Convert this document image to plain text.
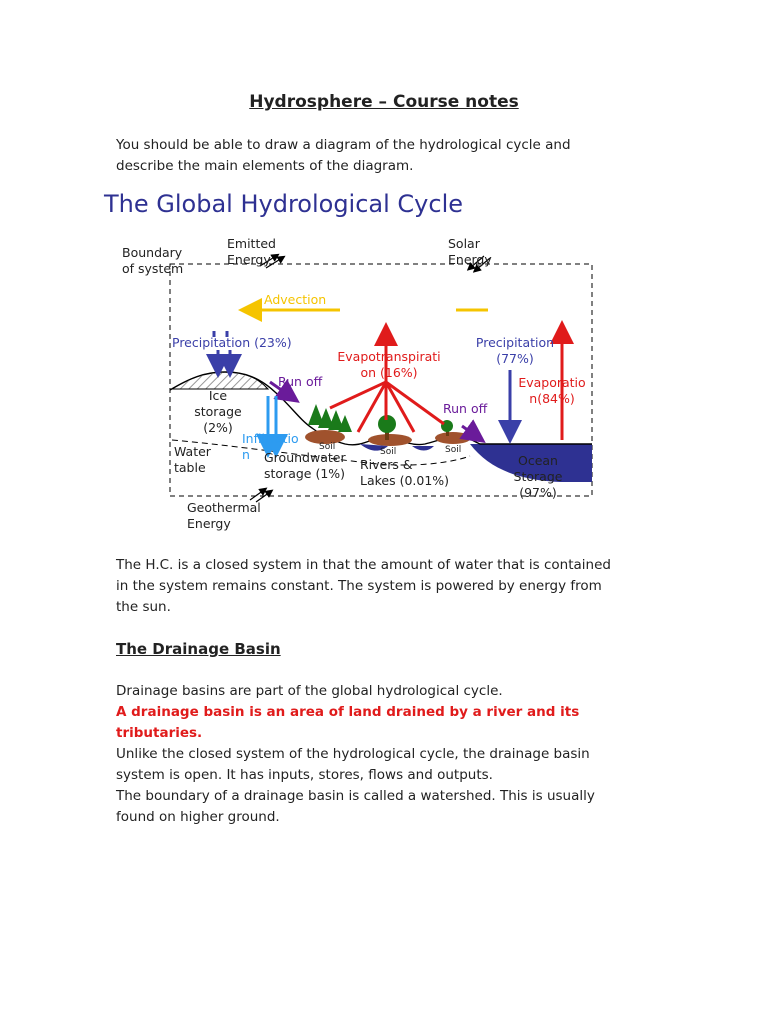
Hydrosphere – Course notes
You should be able to draw a diagram of the hydrological cycle and
describe the main elements of the diagram.
The Global Hydrological Cycle
Boundary
of system
Emitted
Energy
Solar
Energy
Advection
Precipitation (23%)
Evapotranspirati
on (16%)
Precipitation
(77%)
Evaporatio
n(84%)
Run off
Run off
Ice
storage
(2%)
Infiltratio
n	Soil	Soil	Soil
Water
table
Groundwater
storage (1%)
Rivers &
Lakes (0.01%)
Ocean
Storage
(97%)
Geothermal
Energy
The H.C. is a closed system in that the amount of water that is contained
in the system remains constant. The system is powered by energy from
the sun.
The Drainage Basin
Drainage basins are part of the global hydrological cycle.
A drainage basin is an area of land drained by a river and its
tributaries.
Unlike the closed system of the hydrological cycle, the drainage basin
system is open. It has inputs, stores, flows and outputs.
The boundary of a drainage basin is called a watershed. This is usually
found on higher ground.
